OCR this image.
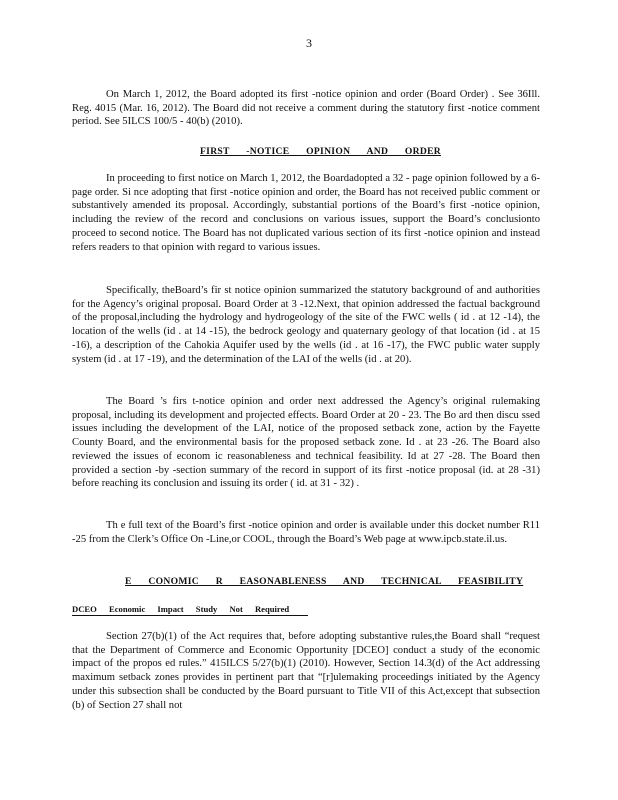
3
On March 1, 2012, the Board adopted its first -notice opinion and order (Board Order) . See 36Ill. Reg. 4015 (Mar. 16, 2012). The Board did not receive a comment during the statutory first -notice comment period. See 5ILCS 100/5 - 40(b) (2010).
FIRST -NOTICE OPINION AND ORDER
In proceeding to first notice on March 1, 2012, the Boardadopted a 32 - page opinion followed by a 6-page order. Si nce adopting that first -notice opinion and order, the Board has not received public comment or substantively amended its proposal. Accordingly, substantial portions of the Board’s first -notice opinion, including the review of the record and conclusions on various issues, support the Board’s conclusionto proceed to second notice. The Board has not duplicated various section of its first -notice opinion and instead refers readers to that opinion with regard to various issues.
Specifically, theBoard’s fir st notice opinion summarized the statutory background of and authorities for the Agency’s original proposal. Board Order at 3 -12.Next, that opinion addressed the factual background of the proposal,including the hydrology and hydrogeology of the site of the FWC wells ( id . at 12 -14), the location of the wells (id . at 14 -15), the bedrock geology and quaternary geology of that location (id . at 15 -16), a description of the Cahokia Aquifer used by the wells (id . at 16 -17), the FWC public water supply system (id . at 17 -19), and the determination of the LAI of the wells (id . at 20).
The Board ’s firs t-notice opinion and order next addressed the Agency’s original rulemaking proposal, including its development and projected effects. Board Order at 20 - 23. The Bo ard then discu ssed issues including the development of the LAI, notice of the proposed setback zone, action by the Fayette County Board, and the environmental basis for the proposed setback zone. Id . at 23 -26. The Board also reviewed the issues of econom ic reasonableness and technical feasibility. Id at 27 -28. The Board then provided a section -by -section summary of the record in support of its first -notice proposal (id. at 28 -31) before reaching its conclusion and issuing its order ( id. at 31 - 32) .
Th e full text of the Board’s first -notice opinion and order is available under this docket number R11 -25 from the Clerk’s Office On -Line,or COOL, through the Board’s Web page at www.ipcb.state.il.us.
E CONOMIC R EASONABLENESS AND TECHNICAL FEASIBILITY
DCEO Economic Impact Study Not Required
Section 27(b)(1) of the Act requires that, before adopting substantive rules,the Board shall “request that the Department of Commerce and Economic Opportunity [DCEO] conduct a study of the economic impact of the propos ed rules.” 415ILCS 5/27(b)(1) (2010). However, Section 14.3(d) of the Act addressing maximum setback zones provides in pertinent part that “[r]ulemaking proceedings initiated by the Agency under this subsection shall be conducted by the Board pursuant to Title VII of this Act,except that subsection (b) of Section 27 shall not
